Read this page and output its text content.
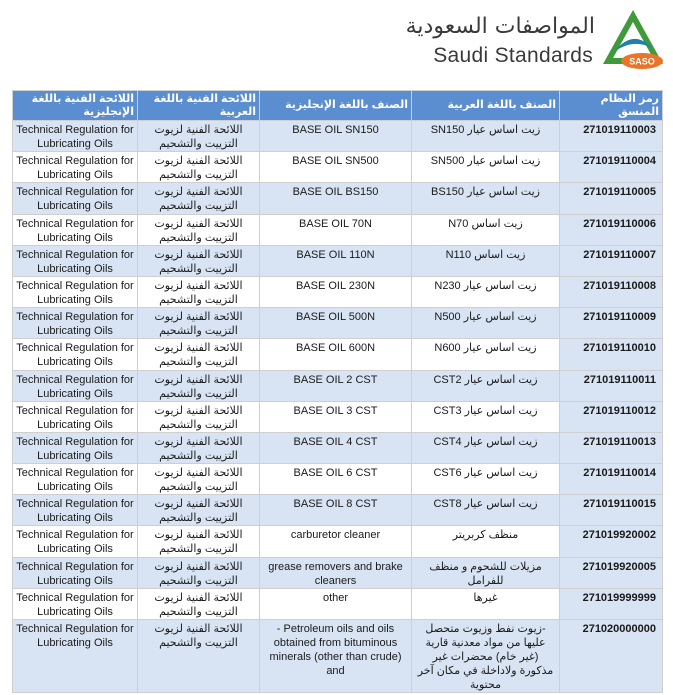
المواصفات السعودية
Saudi Standards	SASO
رمز النظام المنسق	الصنف باللغة العربية	الصنف باللغة الإنجليزية	اللائحة الفنية باللغة العربية	اللائحة الفنية باللغة الإنجليزية
271019110003	زيت اساس عيار SN150	BASE OIL SN150	اللائحة الفنية لزيوت التزييت والتشحيم	Technical Regulation for Lubricating Oils
271019110004	زيت اساس عيار SN500	BASE OIL SN500	اللائحة الفنية لزيوت التزييت والتشحيم	Technical Regulation for Lubricating Oils
271019110005	زيت اساس عيار BS150	BASE OIL BS150	اللائحة الفنية لزيوت التزييت والتشحيم	Technical Regulation for Lubricating Oils
271019110006	زيت اساس N70	BASE OIL 70N	اللائحة الفنية لزيوت التزييت والتشحيم	Technical Regulation for Lubricating Oils
271019110007	زيت اساس N110	BASE OIL 110N	اللائحة الفنية لزيوت التزييت والتشحيم	Technical Regulation for Lubricating Oils
271019110008	زيت اساس عيار N230	BASE OIL 230N	اللائحة الفنية لزيوت التزييت والتشحيم	Technical Regulation for Lubricating Oils
271019110009	زيت اساس عيار N500	BASE OIL 500N	اللائحة الفنية لزيوت التزييت والتشحيم	Technical Regulation for Lubricating Oils
271019110010	زيت اساس عيار N600	BASE OIL 600N	اللائحة الفنية لزيوت التزييت والتشحيم	Technical Regulation for Lubricating Oils
271019110011	زيت اساس عيار CST2	BASE OIL 2 CST	اللائحة الفنية لزيوت التزييت والتشحيم	Technical Regulation for Lubricating Oils
271019110012	زيت اساس عيار CST3	BASE OIL 3 CST	اللائحة الفنية لزيوت التزييت والتشحيم	Technical Regulation for Lubricating Oils
271019110013	زيت اساس عيار CST4	BASE OIL 4 CST	اللائحة الفنية لزيوت التزييت والتشحيم	Technical Regulation for Lubricating Oils
271019110014	زيت اساس عيار CST6	BASE OIL 6 CST	اللائحة الفنية لزيوت التزييت والتشحيم	Technical Regulation for Lubricating Oils
271019110015	زيت اساس عيار CST8	BASE OIL 8 CST	اللائحة الفنية لزيوت التزييت والتشحيم	Technical Regulation for Lubricating Oils
271019920002	منظف كربريتر	carburetor cleaner	اللائحة الفنية لزيوت التزييت والتشحيم	Technical Regulation for Lubricating Oils
271019920005	مزيلات للشحوم و منظف للفرامل	grease removers and brake cleaners	اللائحة الفنية لزيوت التزييت والتشحيم	Technical Regulation for Lubricating Oils
271019999999	غيرها	other	اللائحة الفنية لزيوت التزييت والتشحيم	Technical Regulation for Lubricating Oils
271020000000	-زيوت نفط وزيوت متحصل عليها من مواد معدنية قارية (غير خام) محضرات غير مذكورة ولاداخلة في مكان آخر محتوية	- Petroleum oils and oils obtained from bituminous minerals (other than crude) and	اللائحة الفنية لزيوت التزييت والتشحيم	Technical Regulation for Lubricating Oils
